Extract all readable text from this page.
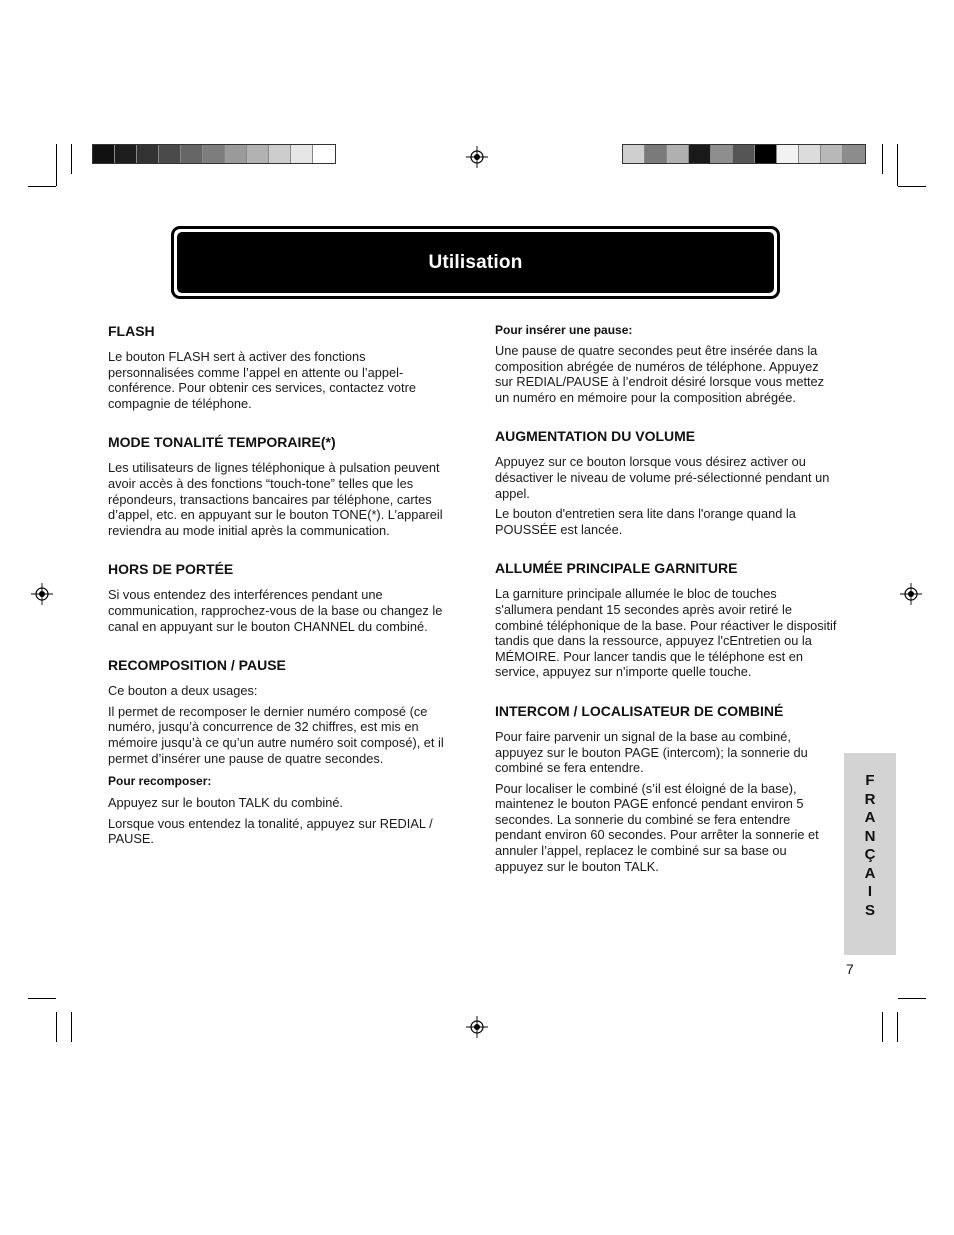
Utilisation
FLASH

Le bouton FLASH sert à activer des fonctions personnalisées comme l’appel en attente ou l’appel-conférence. Pour obtenir ces services, contactez votre compagnie de téléphone.

MODE TONALITÉ TEMPORAIRE(*)

Les utilisateurs de lignes téléphonique à pulsation peuvent avoir accès à des fonctions “touch-tone” telles que les répondeurs, transactions bancaires par téléphone, cartes d’appel, etc. en appuyant sur le bouton TONE(*). L’appareil reviendra au mode initial après la communication.

HORS DE PORTÉE

Si vous entendez des interférences pendant une communication, rapprochez-vous de la base ou changez le canal en appuyant sur le bouton CHANNEL du combiné.

RECOMPOSITION / PAUSE

Ce bouton a deux usages:

Il permet de recomposer le dernier numéro composé (ce numéro, jusqu’à concurrence de 32 chiffres, est mis en mémoire jusqu’à ce qu’un autre numéro soit composé), et il permet d’insérer une pause de quatre secondes.

Pour recomposer:

Appuyez sur le bouton TALK du combiné.

Lorsque vous entendez la tonalité, appuyez sur REDIAL / PAUSE.

Pour insérer une pause:

Une pause de quatre secondes peut être insérée dans la composition abrégée de numéros de téléphone. Appuyez sur REDIAL/PAUSE à l’endroit désiré lorsque vous mettez un numéro en mémoire pour la composition abrégée.

AUGMENTATION DU VOLUME

Appuyez sur ce bouton lorsque vous désirez activer ou désactiver le niveau de volume pré-sélectionné pendant un appel.

Le bouton d'entretien sera lite dans l'orange quand la POUSSÉE est lancée.

ALLUMÉE PRINCIPALE GARNITURE

La garniture principale allumée le bloc de touches s'allumera pendant 15 secondes après avoir retiré le combiné téléphonique de la base. Pour réactiver le dispositif tandis que dans la ressource, appuyez l'cEntretien ou la MÉMOIRE. Pour lancer tandis que le téléphone est en service, appuyez sur n'importe quelle touche.

INTERCOM / LOCALISATEUR DE COMBINÉ

Pour faire parvenir un signal de la base au combiné, appuyez sur le bouton PAGE (intercom); la sonnerie du combiné se fera entendre.

Pour localiser le combiné (s’il est éloigné de la base), maintenez le bouton PAGE enfoncé pendant environ 5 secondes. La sonnerie du combiné se fera entendre pendant environ 60 secondes. Pour arrêter la sonnerie et annuler l’appel, replacez le combiné sur sa base ou appuyez sur le bouton TALK.

F
R
A
N
Ç
A
I
S
7
